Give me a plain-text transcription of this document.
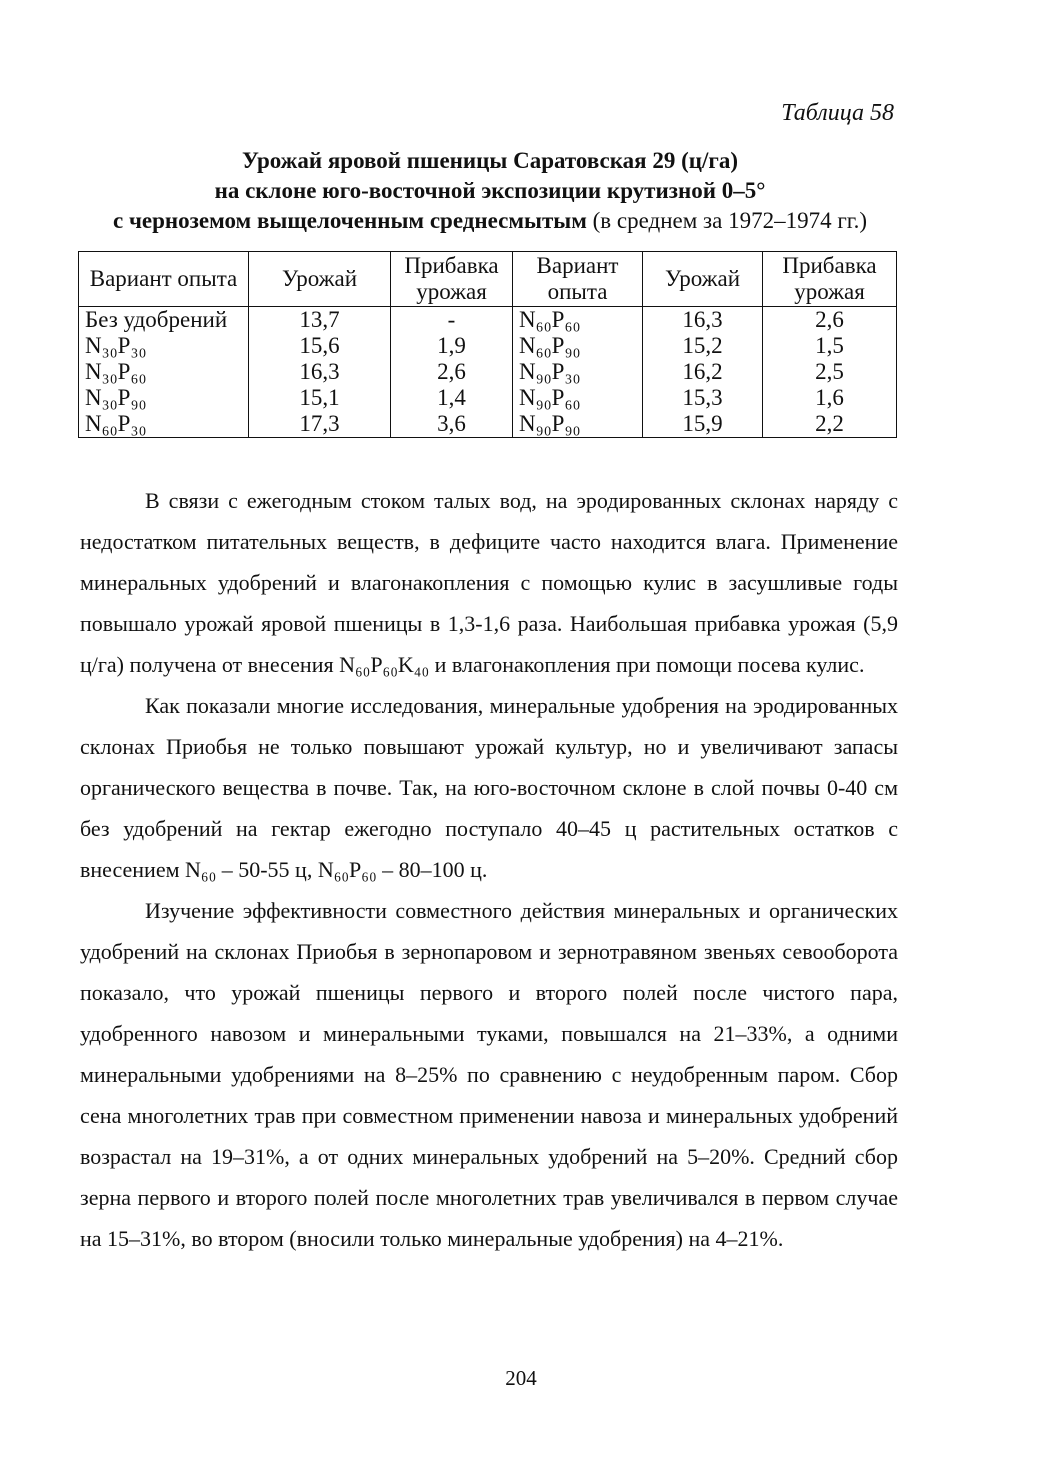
Таблица 58
Урожай яровой пшеницы Саратовская 29 (ц/га)
на склоне юго-восточной экспозиции крутизной 0–5°
с черноземом выщелоченным среднесмытым (в среднем за 1972–1974 гг.)
Вариант опыта	Урожай	Прибавка урожая	Вариант опыта	Урожай	Прибавка урожая
Без удобрений	13,7	-	N₆₀P₆₀	16,3	2,6
N₃₀P₃₀	15,6	1,9	N₆₀P₉₀	15,2	1,5
N₃₀P₆₀	16,3	2,6	N₉₀P₃₀	16,2	2,5
N₃₀P₉₀	15,1	1,4	N₉₀P₆₀	15,3	1,6
N₆₀P₃₀	17,3	3,6	N₉₀P₉₀	15,9	2,2

В связи с ежегодным стоком талых вод, на эродированных склонах наряду с недостатком питательных веществ, в дефиците часто находится влага. Применение минеральных удобрений и влагонакопления с помощью кулис в засушливые годы повышало урожай яровой пшеницы в 1,3-1,6 раза. Наибольшая прибавка урожая (5,9 ц/га) получена от внесения N₆₀P₆₀K₄₀ и влагонакопления при помощи посева кулис.

Как показали многие исследования, минеральные удобрения на эродированных склонах Приобья не только повышают урожай культур, но и увеличивают запасы органического вещества в почве. Так, на юго-восточном склоне в слой почвы 0-40 см без удобрений на гектар ежегодно поступало 40–45 ц растительных остатков с внесением N₆₀ – 50-55 ц, N₆₀P₆₀ – 80–100 ц.

Изучение эффективности совместного действия минеральных и органических удобрений на склонах Приобья в зернопаровом и зернотравяном звеньях севооборота показало, что урожай пшеницы первого и второго полей после чистого пара, удобренного навозом и минеральными туками, повышался на 21–33%, а одними минеральными удобрениями на 8–25% по сравнению с неудобренным паром. Сбор сена многолетних трав при совместном применении навоза и минеральных удобрений возрастал на 19–31%, а от одних минеральных удобрений на 5–20%. Средний сбор зерна первого и второго полей после многолетних трав увеличивался в первом случае на 15–31%, во втором (вносили только минеральные удобрения) на 4–21%.

204
